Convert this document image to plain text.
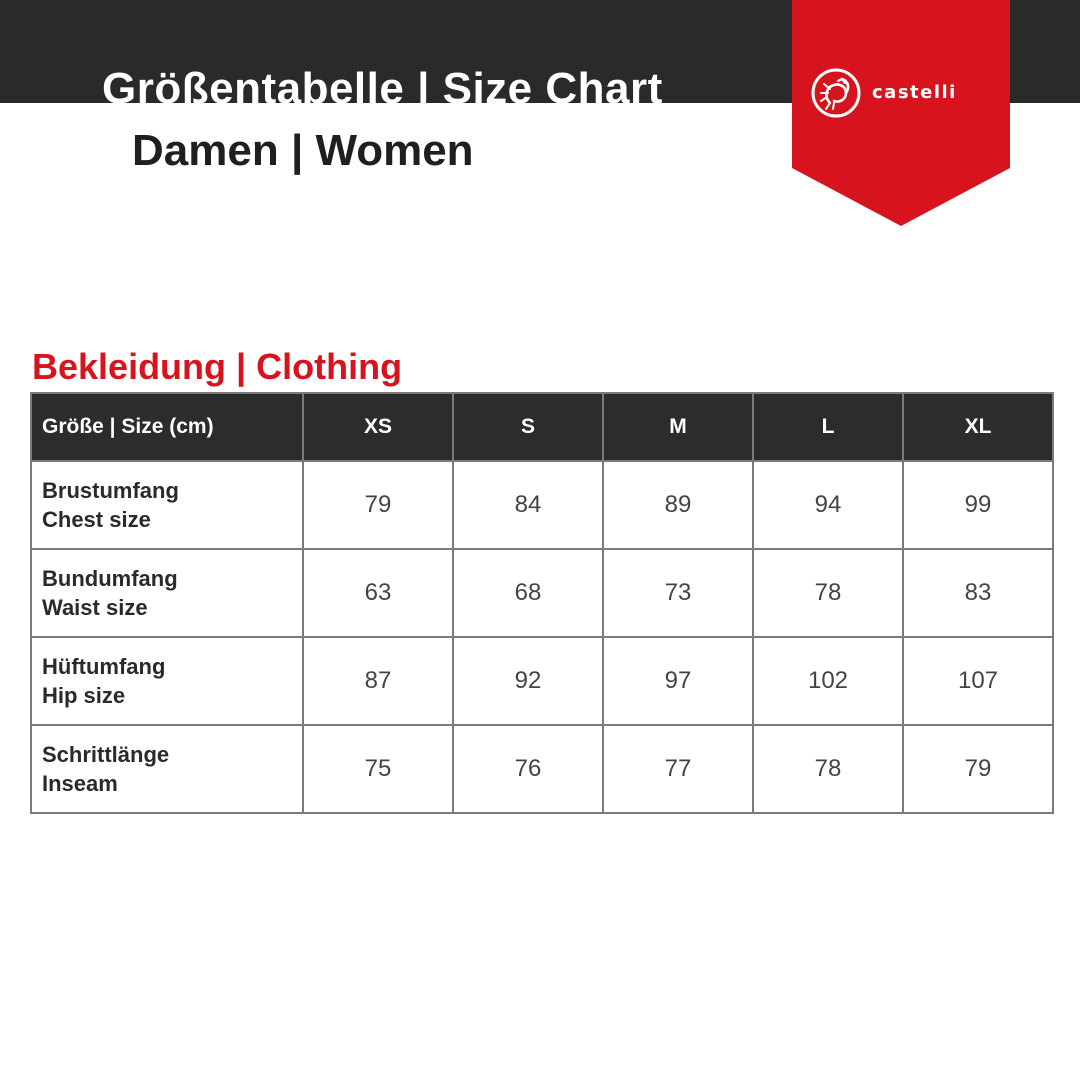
Größentabelle | Size Chart
Damen | Women
castelli
Bekleidung | Clothing
Größe | Size (cm)	XS	S	M	L	XL

Brustumfang
Chest size	79	84	89	94	99

Bundumfang
Waist size	63	68	73	78	83

Hüftumfang
Hip size	87	92	97	102	107

Schrittlänge
Inseam	75	76	77	78	79
